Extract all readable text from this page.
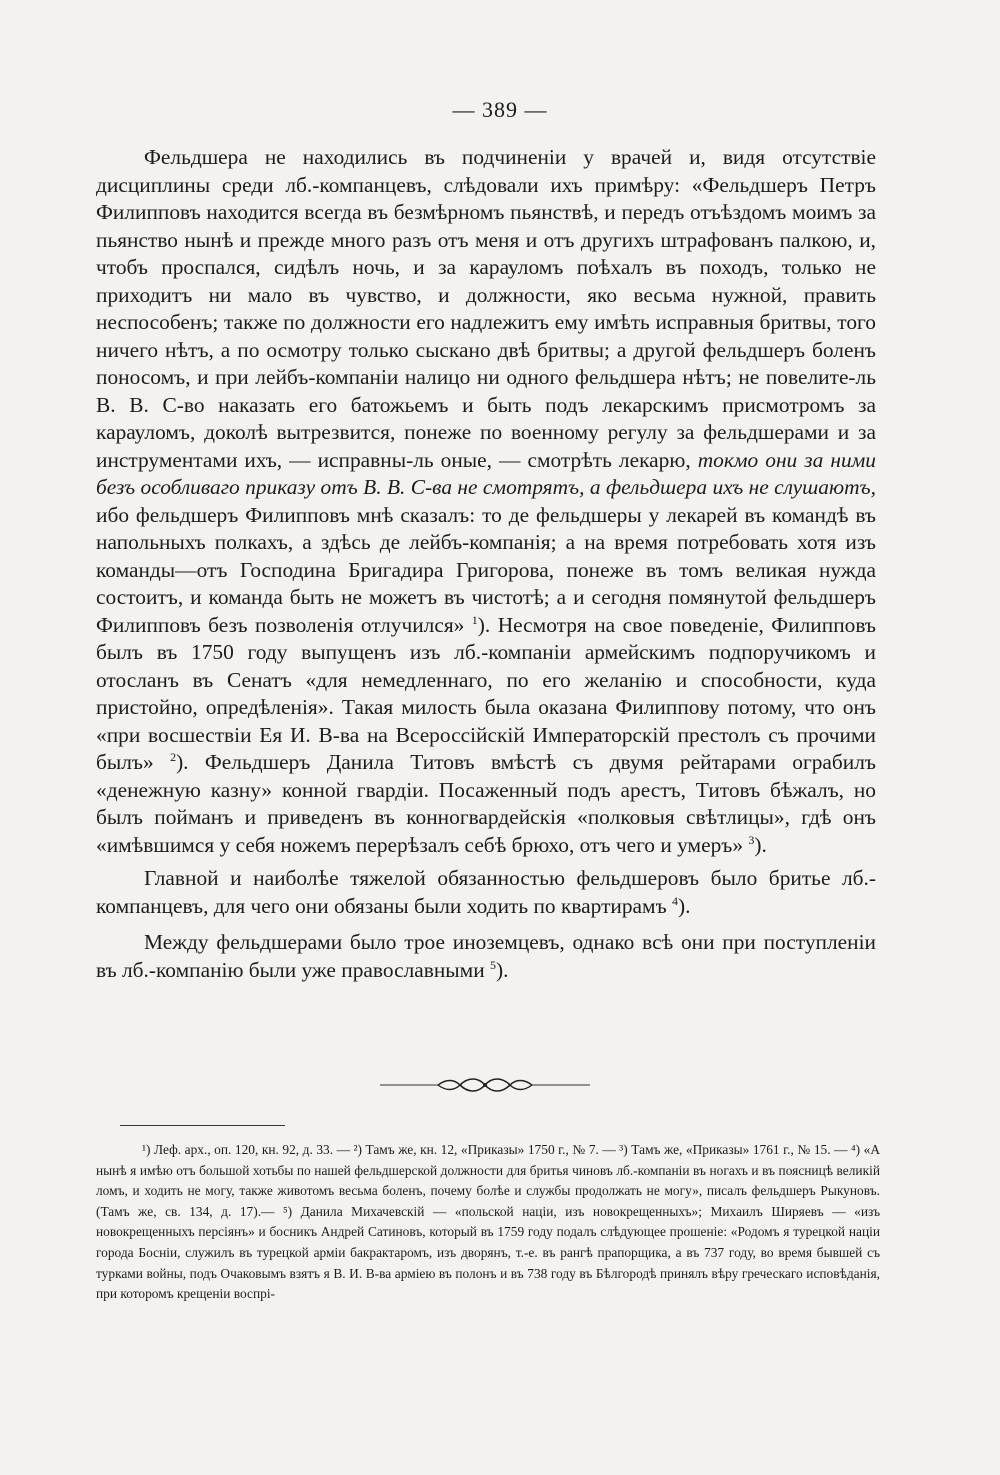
— 389 —

Фельдшера не находились въ подчиненіи у врачей и, видя отсутствіе дисциплины среди лб.-компанцевъ, слѣдовали ихъ примѣру: «Фельдшеръ Петръ Филипповъ находится всегда въ безмѣрномъ пьянствѣ, и передъ отъѣздомъ моимъ за пьянство нынѣ и прежде много разъ отъ меня и отъ другихъ штрафованъ палкою, и, чтобъ проспался, сидѣлъ ночь, и за карауломъ поѣхалъ въ походъ, только не приходитъ ни мало въ чувство, и должности, яко весьма нужной, править неспособенъ; также по должности его надлежитъ ему имѣть исправныя бритвы, того ничего нѣтъ, а по осмотру только сыскано двѣ бритвы; а другой фельдшеръ боленъ поносомъ, и при лейбъ-компаніи налицо ни одного фельдшера нѣтъ; не повелите-ль В. В. С-во наказать его батожьемъ и быть подъ лекарскимъ присмотромъ за карауломъ, доколѣ вытрезвится, понеже по военному регулу за фельдшерами и за инструментами ихъ, — исправны-ль оные, — смотрѣть лекарю, токмо они за ними безъ особливаго приказу отъ В. В. С-ва не смотрятъ, а фельдшера ихъ не слушаютъ, ибо фельдшеръ Филипповъ мнѣ сказалъ: то де фельдшеры у лекарей въ командѣ въ напольныхъ полкахъ, а здѣсь де лейбъ-компанія; а на время потребовать хотя изъ команды—отъ Господина Бригадира Григорова, понеже въ томъ великая нужда состоитъ, и команда быть не можетъ въ чистотѣ; а и сегодня помянутой фельдшеръ Филипповъ безъ позволенія отлучился» $^1$). Несмотря на свое поведеніе, Филипповъ былъ въ 1750 году выпущенъ изъ лб.-компаніи армейскимъ подпоручикомъ и отосланъ въ Сенатъ «для немедленнаго, по его желанію и способности, куда пристойно, опредѣленія». Такая милость была оказана Филиппову потому, что онъ «при восшествіи Ея И. В-ва на Всероссійскій Императорскій престолъ съ прочими былъ» $^2$). Фельдшеръ Данила Титовъ вмѣстѣ съ двумя рейтарами ограбилъ «денежную казну» конной гвардіи. Посаженный подъ арестъ, Титовъ бѣжалъ, но былъ пойманъ и приведенъ въ конногвардейскія «полковыя свѣтлицы», гдѣ онъ «имѣвшимся у себя ножемъ перерѣзалъ себѣ брюхо, отъ чего и умеръ» $^3$).

Главной и наиболѣе тяжелой обязанностью фельдшеровъ было бритье лб.-компанцевъ, для чего они обязаны были ходить по квартирамъ $^4$).

Между фельдшерами было трое иноземцевъ, однако всѣ они при поступленіи въ лб.-компанію были уже православными $^5$).

¹) Леф. арх., оп. 120, кн. 92, д. 33. — ²) Тамъ же, кн. 12, «Приказы» 1750 г., № 7. — ³) Тамъ же, «Приказы» 1761 г., № 15. — ⁴) «А нынѣ я имѣю отъ большой хотьбы по нашей фельдшерской должности для бритья чиновъ лб.-компаніи въ ногахъ и въ поясницѣ великій ломъ, и ходить не могу, также животомъ весьма боленъ, почему болѣе и службы продолжать не могу», писалъ фельдшеръ Рыкуновъ. (Тамъ же, св. 134, д. 17).— ⁵) Данила Михачевскій — «польской націи, изъ новокрещенныхъ»; Михаилъ Ширяевъ — «изъ новокрещенныхъ персіянъ» и босникъ Андрей Сатиновъ, который въ 1759 году подалъ слѣдующее прошеніе: «Родомъ я турецкой націи города Босніи, служилъ въ турецкой арміи бакрактаромъ, изъ дворянъ, т.-е. въ рангѣ прапорщика, а въ 737 году, во время бывшей съ турками войны, подъ Очаковымъ взятъ я В. И. В-ва арміею въ полонъ и въ 738 году въ Бѣлгородѣ принялъ вѣру греческаго исповѣданія, при которомъ крещеніи воспрі-
